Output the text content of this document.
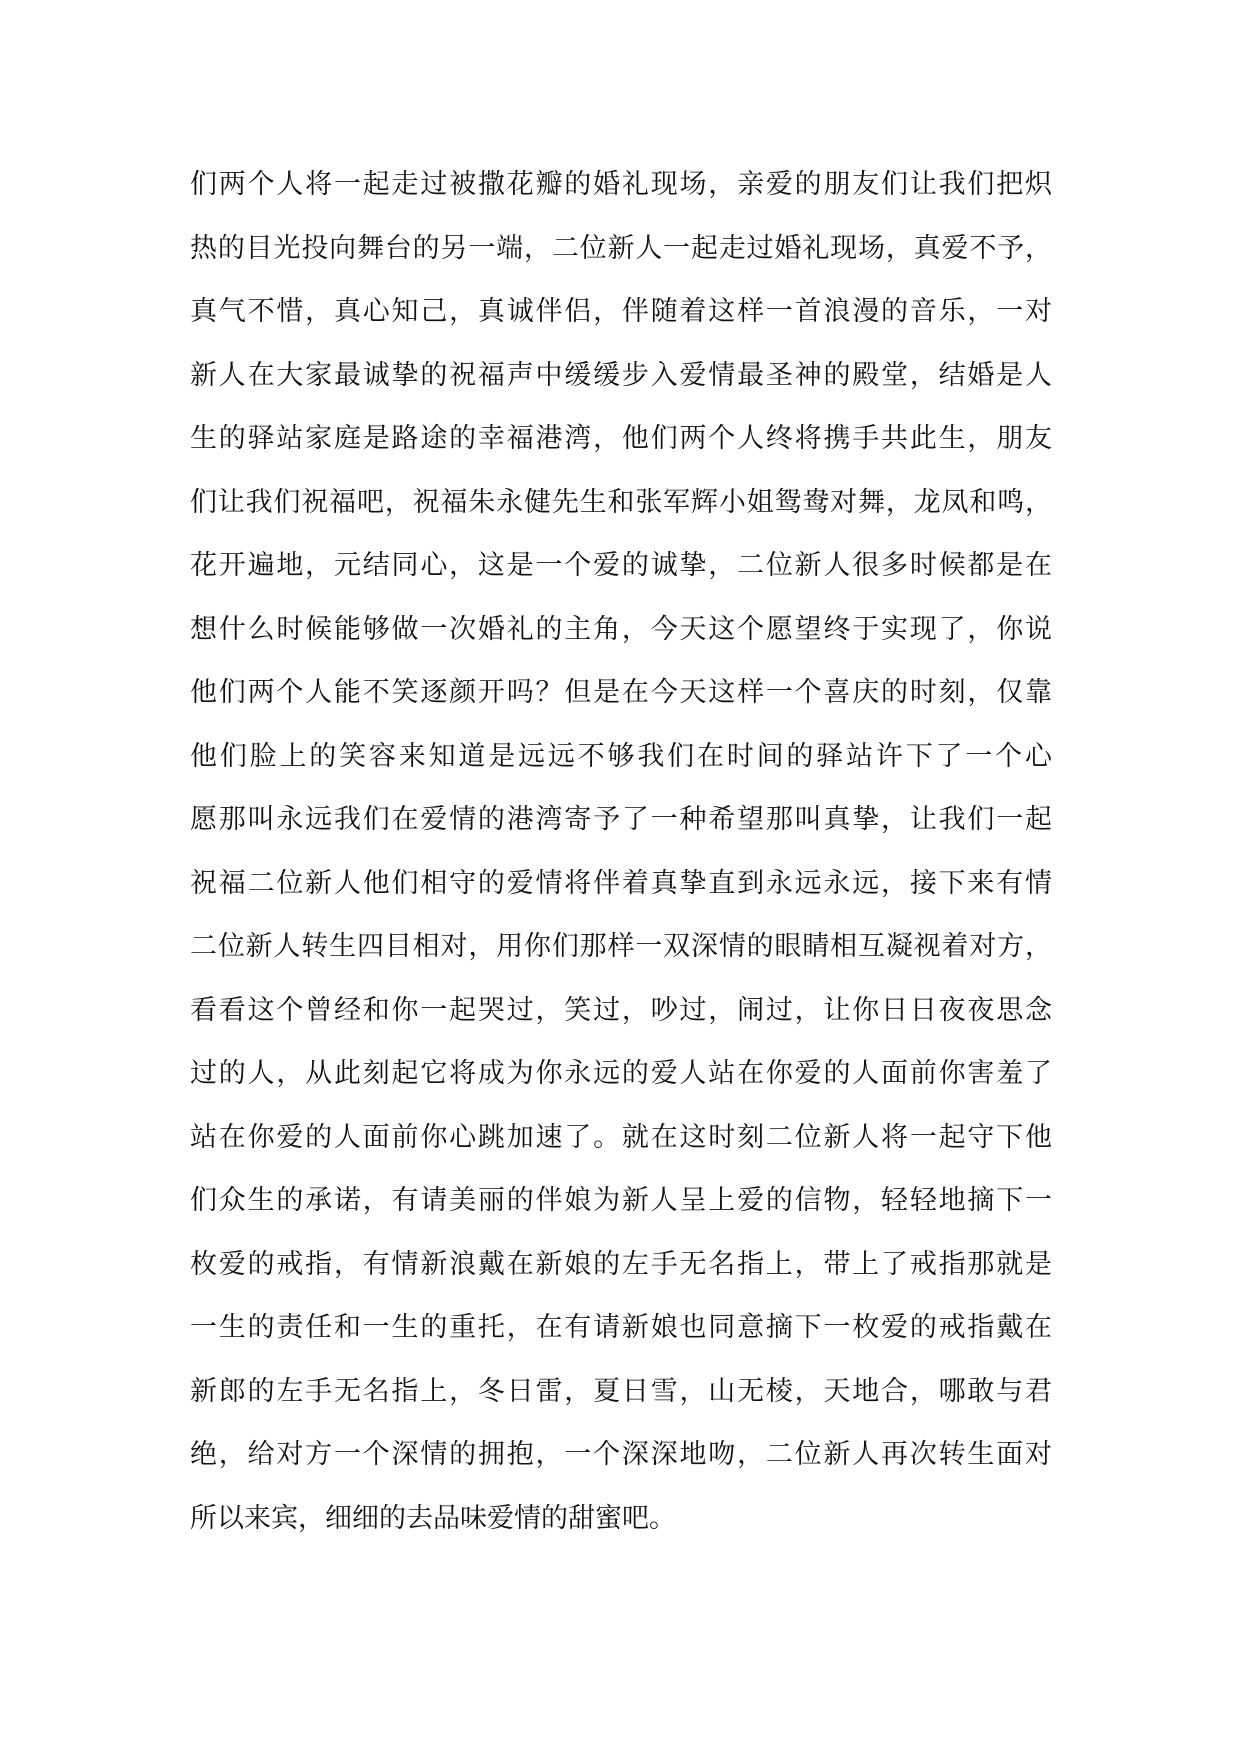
们两个人将一起走过被撒花瓣的婚礼现场，亲爱的朋友们让我们把炽
热的目光投向舞台的另一端，二位新人一起走过婚礼现场，真爱不予，
真气不惜，真心知己，真诚伴侣，伴随着这样一首浪漫的音乐，一对
新人在大家最诚挚的祝福声中缓缓步入爱情最圣神的殿堂，结婚是人
生的驿站家庭是路途的幸福港湾，他们两个人终将携手共此生，朋友
们让我们祝福吧，祝福朱永健先生和张军辉小姐鸳鸯对舞，龙凤和鸣，
花开遍地，元结同心，这是一个爱的诚挚，二位新人很多时候都是在
想什么时候能够做一次婚礼的主角，今天这个愿望终于实现了，你说
他们两个人能不笑逐颜开吗？但是在今天这样一个喜庆的时刻，仅靠
他们脸上的笑容来知道是远远不够我们在时间的驿站许下了一个心
愿那叫永远我们在爱情的港湾寄予了一种希望那叫真挚，让我们一起
祝福二位新人他们相守的爱情将伴着真挚直到永远永远，接下来有情
二位新人转生四目相对，用你们那样一双深情的眼睛相互凝视着对方，
看看这个曾经和你一起哭过，笑过，吵过，闹过，让你日日夜夜思念
过的人，从此刻起它将成为你永远的爱人站在你爱的人面前你害羞了
站在你爱的人面前你心跳加速了。就在这时刻二位新人将一起守下他
们众生的承诺，有请美丽的伴娘为新人呈上爱的信物，轻轻地摘下一
枚爱的戒指，有情新浪戴在新娘的左手无名指上，带上了戒指那就是
一生的责任和一生的重托，在有请新娘也同意摘下一枚爱的戒指戴在
新郎的左手无名指上，冬日雷，夏日雪，山无棱，天地合，哪敢与君
绝，给对方一个深情的拥抱，一个深深地吻，二位新人再次转生面对
所以来宾，细细的去品味爱情的甜蜜吧。
